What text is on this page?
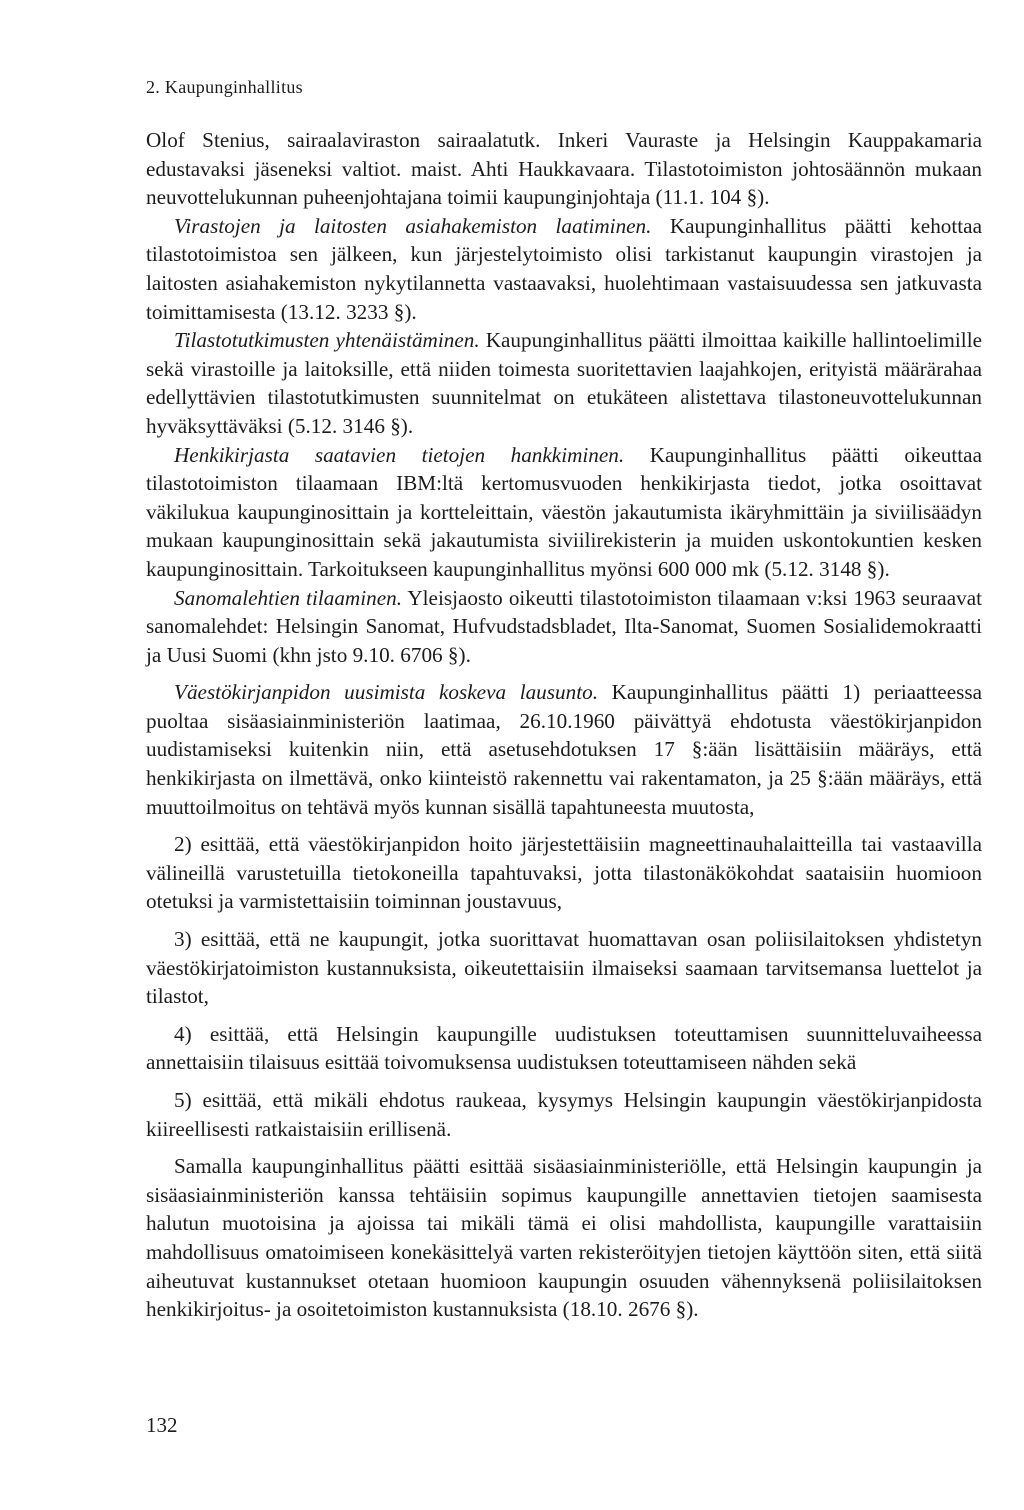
2. Kaupunginhallitus

Olof Stenius, sairaalaviraston sairaalatutk. Inkeri Vauraste ja Helsingin Kauppakamaria edustavaksi jäseneksi valtiot. maist. Ahti Haukkavaara. Tilastotoimiston johtosäännön mukaan neuvottelukunnan puheenjohtajana toimii kaupunginjohtaja (11.1. 104 §).

Virastojen ja laitosten asiahakemiston laatiminen. Kaupunginhallitus päätti kehottaa tilastotoimistoa sen jälkeen, kun järjestelytoimisto olisi tarkistanut kaupungin virastojen ja laitosten asiahakemiston nykytilannetta vastaavaksi, huolehtimaan vastaisuudessa sen jatkuvasta toimittamisesta (13.12. 3233 §).

Tilastotutkimusten yhtenäistäminen. Kaupunginhallitus päätti ilmoittaa kaikille hallintoelimille sekä virastoille ja laitoksille, että niiden toimesta suoritettavien laajahkojen, erityistä määrärahaa edellyttävien tilastotutkimusten suunnitelmat on etukäteen alistettava tilastoneuvottelukunnan hyväksyttäväksi (5.12. 3146 §).

Henkikirjasta saatavien tietojen hankkiminen. Kaupunginhallitus päätti oikeuttaa tilastotoimiston tilaamaan IBM:ltä kertomusvuoden henkikirjasta tiedot, jotka osoittavat väkilukua kaupunginosittain ja kortteleittain, väestön jakautumista ikäryhmittäin ja siviilisäädyn mukaan kaupunginosittain sekä jakautumista siviilirekisterin ja muiden uskontokuntien kesken kaupunginosittain. Tarkoitukseen kaupunginhallitus myönsi 600 000 mk (5.12. 3148 §).

Sanomalehtien tilaaminen. Yleisjaosto oikeutti tilastotoimiston tilaamaan v:ksi 1963 seuraavat sanomalehdet: Helsingin Sanomat, Hufvudstadsbladet, Ilta-Sanomat, Suomen Sosialidemokraatti ja Uusi Suomi (khn jsto 9.10. 6706 §).

Väestökirjanpidon uusimista koskeva lausunto. Kaupunginhallitus päätti 1) periaatteessa puoltaa sisäasiainministeriön laatimaa, 26.10.1960 päivättyä ehdotusta väestökirjanpidon uudistamiseksi kuitenkin niin, että asetusehdotuksen 17 §:ään lisättäisiin määräys, että henkikirjasta on ilmettävä, onko kiinteistö rakennettu vai rakentamaton, ja 25 §:ään määräys, että muuttoilmoitus on tehtävä myös kunnan sisällä tapahtuneesta muutosta,

2) esittää, että väestökirjanpidon hoito järjestettäisiin magneettinauhalaitteilla tai vastaavilla välineillä varustetuilla tietokoneilla tapahtuvaksi, jotta tilastonäkökohdat saataisiin huomioon otetuksi ja varmistettaisiin toiminnan joustavuus,

3) esittää, että ne kaupungit, jotka suorittavat huomattavan osan poliisilaitoksen yhdistetyn väestökirjatoimiston kustannuksista, oikeutettaisiin ilmaiseksi saamaan tarvitsemansa luettelot ja tilastot,

4) esittää, että Helsingin kaupungille uudistuksen toteuttamisen suunnitteluvaiheessa annettaisiin tilaisuus esittää toivomuksensa uudistuksen toteuttamiseen nähden sekä

5) esittää, että mikäli ehdotus raukeaa, kysymys Helsingin kaupungin väestökirjanpidosta kiireellisesti ratkaistaisiin erillisenä.

Samalla kaupunginhallitus päätti esittää sisäasiainministeriölle, että Helsingin kaupungin ja sisäasiainministeriön kanssa tehtäisiin sopimus kaupungille annettavien tietojen saamisesta halutun muotoisina ja ajoissa tai mikäli tämä ei olisi mahdollista, kaupungille varattaisiin mahdollisuus omatoimiseen konekäsittelyä varten rekisteröityjen tietojen käyttöön siten, että siitä aiheutuvat kustannukset otetaan huomioon kaupungin osuuden vähennyksenä poliisilaitoksen henkikirjoitus- ja osoitetoimiston kustannuksista (18.10. 2676 §).

132
